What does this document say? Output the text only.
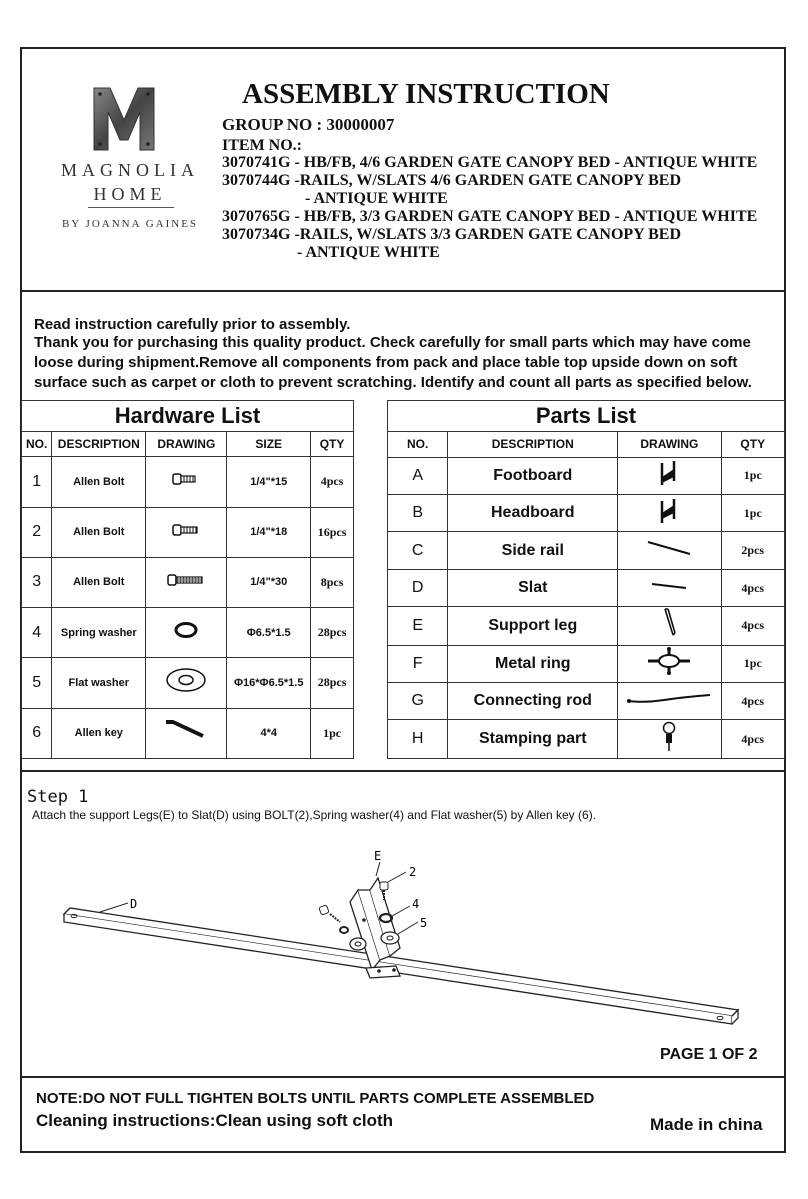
MAGNOLIA
HOME
BY JOANNA GAINES
ASSEMBLY INSTRUCTION
GROUP NO : 30000007
ITEM NO.:
3070741G - HB/FB, 4/6 GARDEN GATE CANOPY BED - ANTIQUE WHITE
3070744G -RAILS, W/SLATS 4/6 GARDEN GATE CANOPY BED
- ANTIQUE WHITE
3070765G - HB/FB, 3/3 GARDEN GATE CANOPY BED - ANTIQUE WHITE
3070734G -RAILS, W/SLATS 3/3 GARDEN GATE CANOPY BED
- ANTIQUE WHITE
Read instruction carefully prior to assembly.
Thank you for purchasing this quality product. Check carefully for small parts which may have come loose during shipment.Remove all components from pack and place table top upside down on soft surface such as carpet or cloth to prevent scratching. Identify and count all parts as specified below.
Hardware List				
NO.	DESCRIPTION	DRAWING	SIZE	QTY
1	Allen Bolt		1/4"*15	4pcs
2	Allen Bolt		1/4"*18	16pcs
3	Allen Bolt		1/4"*30	8pcs
4	Spring washer		Φ6.5*1.5	28pcs
5	Flat washer		Φ16*Φ6.5*1.5	28pcs
6	Allen key		4*4	1pc
Parts List			
NO.	DESCRIPTION	DRAWING	QTY
A	Footboard		1pc
B	Headboard		1pc
C	Side rail		2pcs
D	Slat		4pcs
E	Support leg		4pcs
F	Metal ring		1pc
G	Connecting rod		4pcs
H	Stamping part		4pcs
Step 1
Attach the support Legs(E) to Slat(D) using BOLT(2),Spring washer(4) and Flat washer(5) by Allen key (6).
D
E
2
4
5
PAGE 1 OF 2
NOTE:DO NOT FULL TIGHTEN BOLTS UNTIL PARTS COMPLETE ASSEMBLED
Cleaning instructions:Clean using soft cloth	Made in china
